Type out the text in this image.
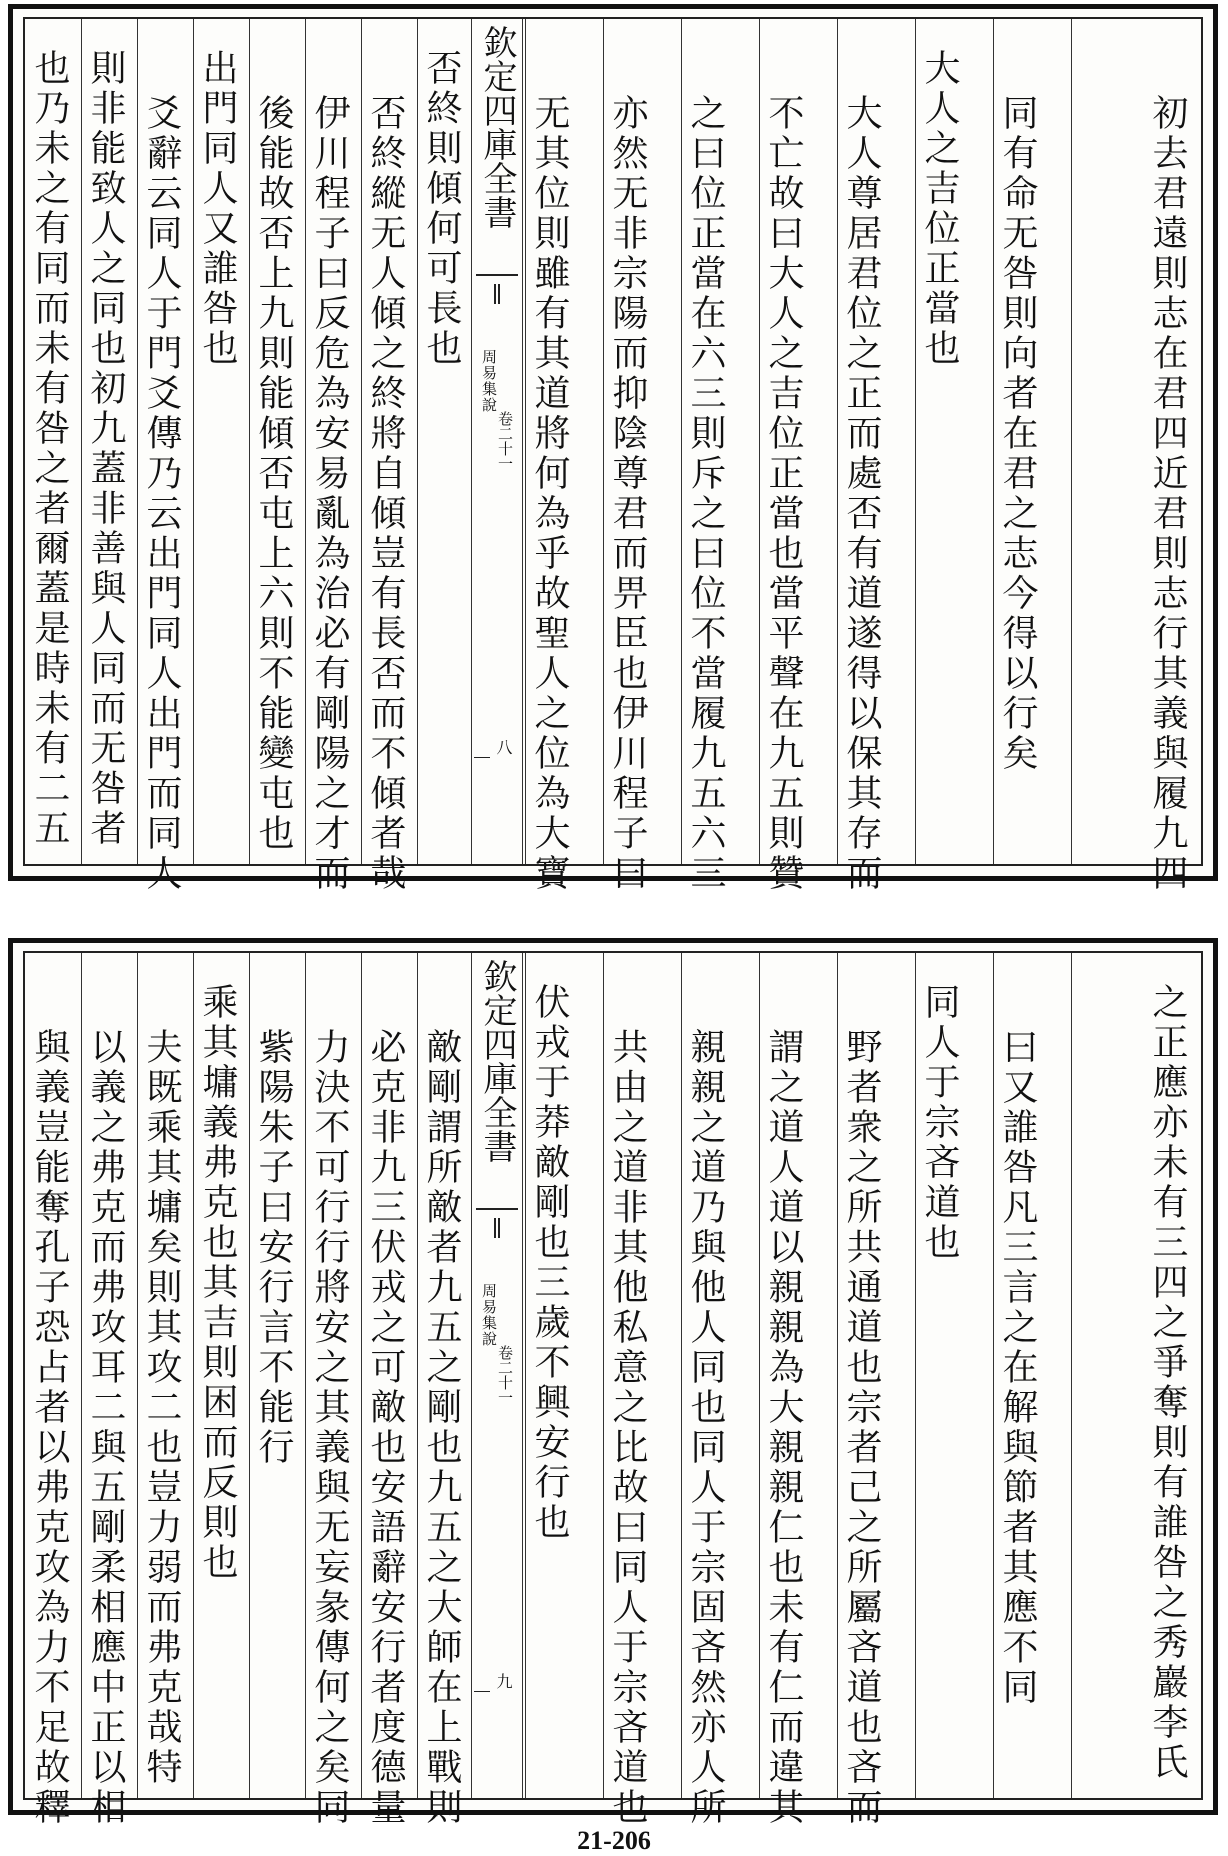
也乃未之有同而未有咎之者爾蓋是時未有二五 則非能致人之同也初九蓋非善與人同而无咎者 爻辭云同人于門爻傳乃云出門同人出門而同人 出門同人又誰咎也 後能故否上九則能傾否屯上六則不能變屯也 伊川程子曰反危為安易亂為治必有剛陽之才而 否終縱无人傾之終將自傾豈有長否而不傾者哉 否終則傾何可長也 欽定四庫全書
周易集說
卷二十一
八 无其位則雖有其道將何為乎故聖人之位為大寶 亦然无非宗陽而抑陰尊君而畀臣也伊川程子曰 之曰位正當在六三則斥之曰位不當履九五六三 不亡故曰大人之吉位正當也當平聲在九五則贊 大人尊居君位之正而處否有道遂得以保其存而 大人之吉位正當也 同有命无咎則向者在君之志今得以行矣	初去君遠則志在君四近君則志行其義與履九四
與義豈能奪孔子恐占者以弗克攻為力不足故釋 以義之弗克而弗攻耳二與五剛柔相應中正以相 夫既乘其墉矣則其攻二也豈力弱而弗克哉特 乘其墉義弗克也其吉則困而反則也 紫陽朱子曰安行言不能行 力決不可行行將安之其義與无妄彖傳何之矣同 必克非九三伏戎之可敵也安語辭安行者度德量 敵剛謂所敵者九五之剛也九五之大師在上戰則 欽定四庫全書
周易集說
卷二十一
九
伏戎于莽敵剛也三歲不興安行也 共由之道非其他私意之比故曰同人于宗吝道也 親親之道乃與他人同也同人于宗固吝然亦人所 謂之道人道以親親為大親親仁也未有仁而違其 野者衆之所共通道也宗者己之所屬吝道也吝而 同人于宗吝道也 曰又誰咎凡三言之在解與節者其應不同	之正應亦未有三四之爭奪則有誰咎之秀巖李氏
21-206
